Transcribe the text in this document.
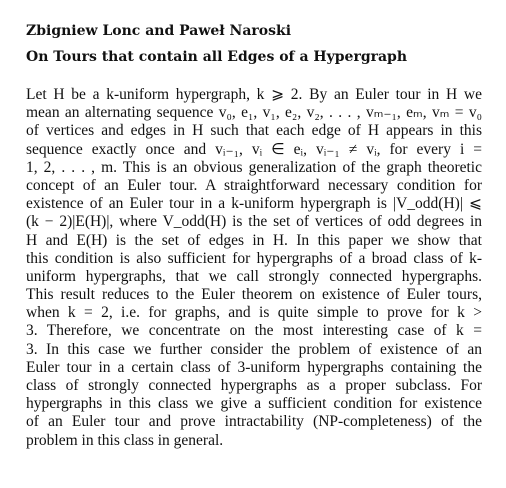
Zbigniew Lonc and Paweł Naroski
On Tours that contain all Edges of a Hypergraph
Let H be a k-uniform hypergraph, k ⩾ 2. By an Euler tour in H we
mean an alternating sequence v₀, e₁, v₁, e₂, v₂, . . . , vₘ₋₁, eₘ, vₘ = v₀
of vertices and edges in H such that each edge of H appears in this
sequence exactly once and vᵢ₋₁, vᵢ ∈ eᵢ, vᵢ₋₁ ≠ vᵢ, for every i =
1, 2, . . . , m. This is an obvious generalization of the graph theoretic
concept of an Euler tour. A straightforward necessary condition for
existence of an Euler tour in a k-uniform hypergraph is |V_odd(H)| ⩽
(k − 2)|E(H)|, where V_odd(H) is the set of vertices of odd degrees in
H and E(H) is the set of edges in H. In this paper we show that
this condition is also sufficient for hypergraphs of a broad class of k-
uniform hypergraphs, that we call strongly connected hypergraphs.
This result reduces to the Euler theorem on existence of Euler tours,
when k = 2, i.e. for graphs, and is quite simple to prove for k >
3. Therefore, we concentrate on the most interesting case of k =
3. In this case we further consider the problem of existence of an
Euler tour in a certain class of 3-uniform hypergraphs containing the
class of strongly connected hypergraphs as a proper subclass. For
hypergraphs in this class we give a sufficient condition for existence
of an Euler tour and prove intractability (NP-completeness) of the
problem in this class in general.
